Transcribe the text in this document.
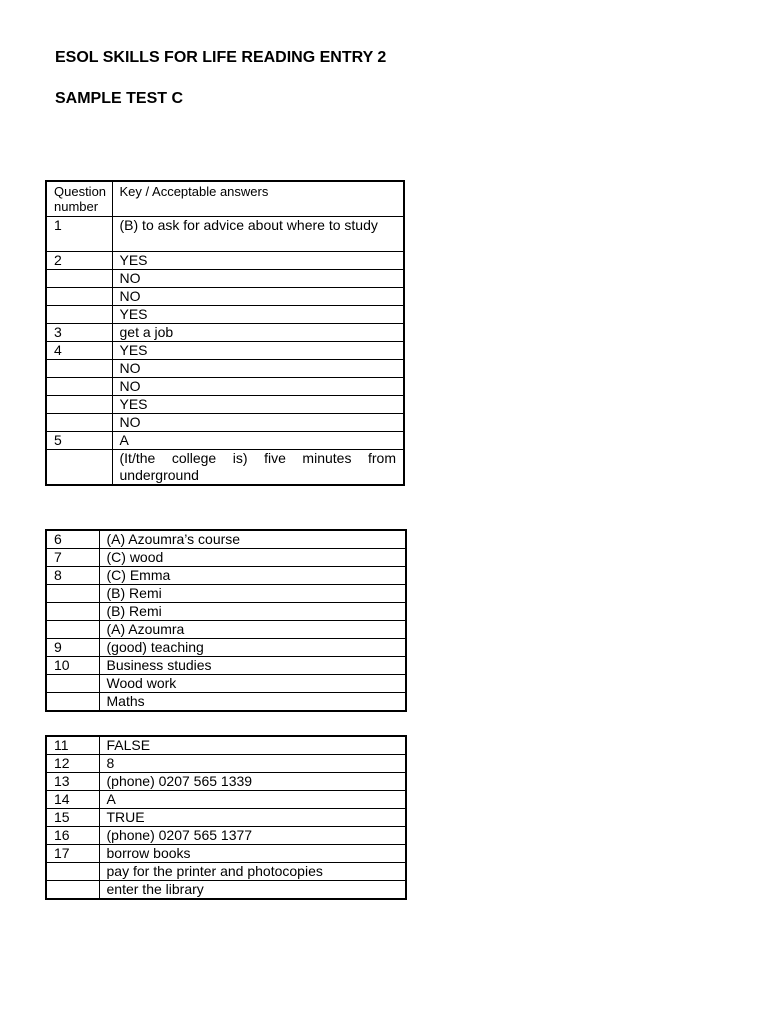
ESOL SKILLS FOR LIFE READING ENTRY 2
SAMPLE TEST C
Question number	Key / Acceptable answers
1	(B) to ask for advice about where to study
2	YES
	NO
	NO
	YES
3	get a job
4	YES
	NO
	NO
	YES
	NO
5	A
	(It/the college is) five minutes from underground
6	(A) Azoumra’s course
7	(C) wood
8	(C) Emma
	(B) Remi
	(B) Remi
	(A) Azoumra
9	(good) teaching
10	Business studies
	Wood work
	Maths
11	FALSE
12	8
13	(phone) 0207 565 1339
14	A
15	TRUE
16	(phone) 0207 565 1377
17	borrow books
	pay for the printer and photocopies
	enter the library
